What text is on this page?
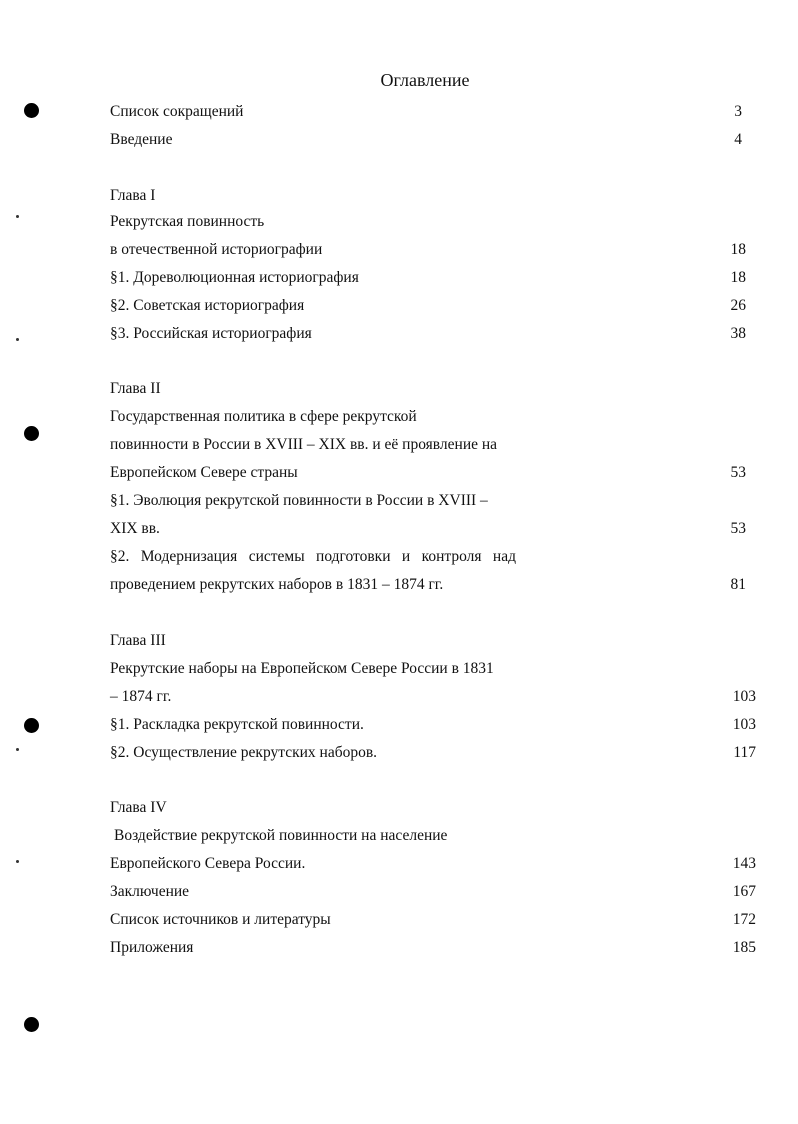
Оглавление
Список сокращений	3
Введение	4
Глава I
Рекрутская повинность
в отечественной историографии	18
§1. Дореволюционная историография	18
§2. Советская историография	26
§3. Российская историография	38
Глава II
Государственная политика в сфере рекрутской
повинности в России в XVIII – XIX вв. и её проявление на
Европейском Севере страны	53
§1. Эволюция рекрутской повинности в России в XVIII –
XIX вв.	53
§2. Модернизация системы подготовки и контроля над
проведением рекрутских наборов в 1831 – 1874 гг.	81
Глава III
Рекрутские наборы на Европейском Севере России в 1831
– 1874 гг.	103
§1. Раскладка рекрутской повинности.	103
§2. Осуществление рекрутских наборов.	117
Глава IV
Воздействие рекрутской повинности на население
Европейского Севера России.	143
Заключение	167
Список источников и литературы	172
Приложения	185
